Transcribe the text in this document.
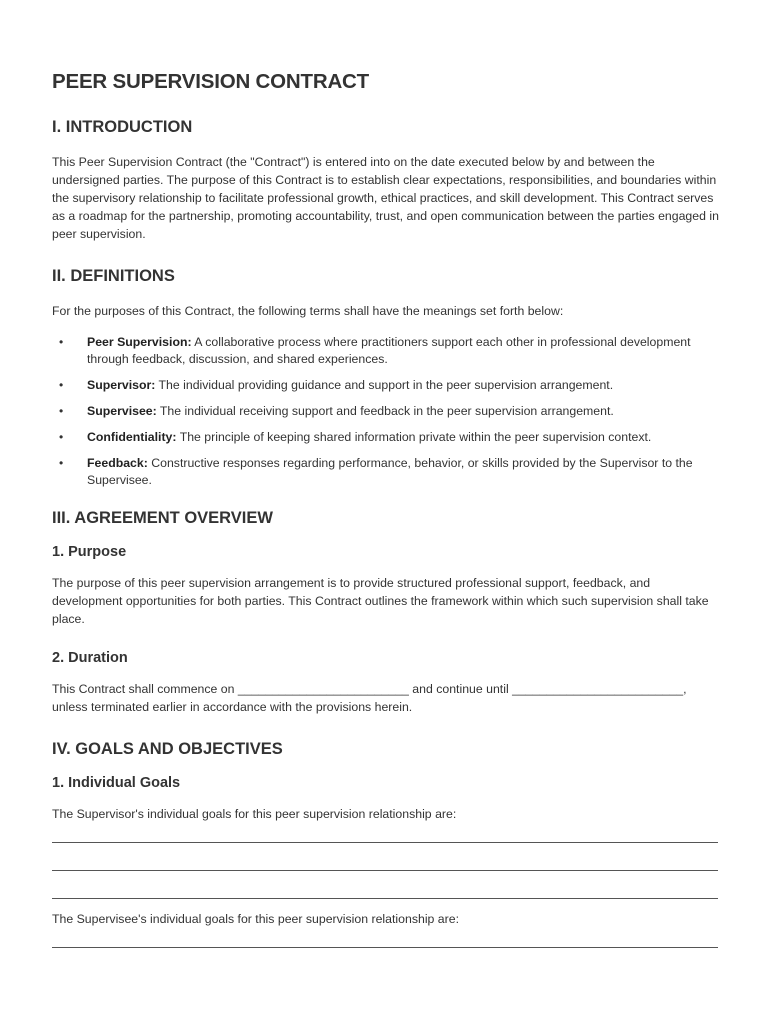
PEER SUPERVISION CONTRACT
I. INTRODUCTION

This Peer Supervision Contract (the "Contract") is entered into on the date executed below by and between the undersigned parties. The purpose of this Contract is to establish clear expectations, responsibilities, and boundaries within the supervisory relationship to facilitate professional growth, ethical practices, and skill development. This Contract serves as a roadmap for the partnership, promoting accountability, trust, and open communication between the parties engaged in peer supervision.

II. DEFINITIONS

For the purposes of this Contract, the following terms shall have the meanings set forth below:

• Peer Supervision: A collaborative process where practitioners support each other in professional development through feedback, discussion, and shared experiences.
• Supervisor: The individual providing guidance and support in the peer supervision arrangement.
• Supervisee: The individual receiving support and feedback in the peer supervision arrangement.
• Confidentiality: The principle of keeping shared information private within the peer supervision context.
• Feedback: Constructive responses regarding performance, behavior, or skills provided by the Supervisor to the Supervisee.
III. AGREEMENT OVERVIEW
1. Purpose

The purpose of this peer supervision arrangement is to provide structured professional support, feedback, and development opportunities for both parties. This Contract outlines the framework within which such supervision shall take place.

2. Duration

This Contract shall commence on _________________________ and continue until _________________________, unless terminated earlier in accordance with the provisions herein.

IV. GOALS AND OBJECTIVES
1. Individual Goals

The Supervisor's individual goals for this peer supervision relationship are:

The Supervisee's individual goals for this peer supervision relationship are:
